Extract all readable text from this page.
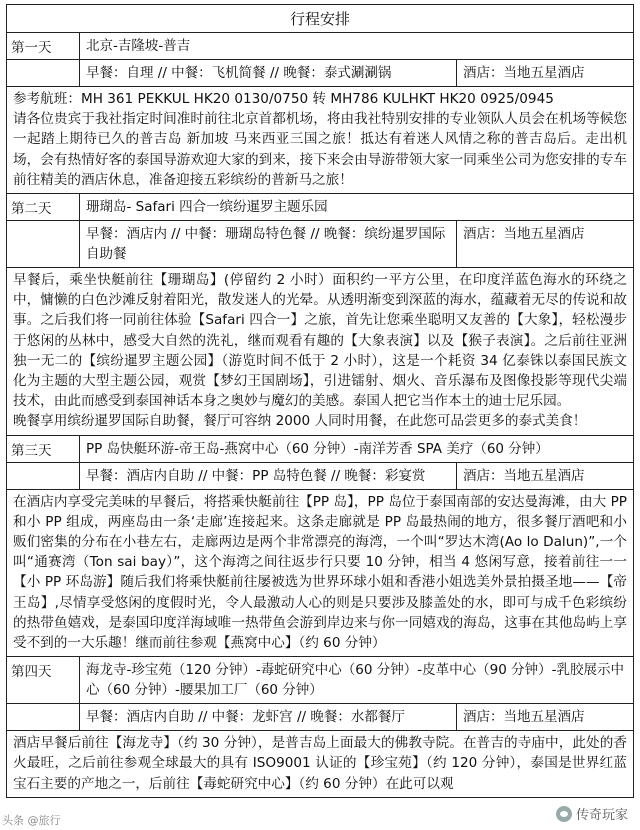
行程安排
第一天	北京-吉隆坡-普吉
早餐：自理 // 中餐：飞机简餐 // 晚餐：泰式涮涮锅	酒店：当地五星酒店

参考航班：MH 361 PEKKUL HK20 0130/0750 转 MH786 KULHKT HK20 0925/0945

请各位贵宾于我社指定时间准时前往北京首都机场，将由我社特别安排的专业领队人员会在机场等候您一起踏上期待已久的普吉岛 新加坡 马来西亚三国之旅！抵达有着迷人风情之称的普吉岛后。走出机场，会有热情好客的泰国导游欢迎大家的到来，接下来会由导游带领大家一同乘坐公司为您安排的专车前往精美的酒店休息，准备迎接五彩缤纷的普新马之旅！

第二天	珊瑚岛- Safari 四合一缤纷暹罗主题乐园
早餐：酒店内 // 中餐：珊瑚岛特色餐 // 晚餐：缤纷暹罗国际自助餐
酒店：当地五星酒店

早餐后，乘坐快艇前往【珊瑚岛】(停留约 2 小时）面积约一平方公里，在印度洋蓝色海水的环绕之中，慵懒的白色沙滩反射着阳光，散发迷人的光晕。从透明渐变到深蓝的海水，蕴藏着无尽的传说和故事。之后我们将一同前往体验【Safari 四合一】之旅，首先让您乘坐聪明又友善的【大象】，轻松漫步于悠闲的丛林中，感受大自然的洗礼，继而观看有趣的【大象表演】以及【猴子表演】。之后前往亚洲独一无二的【缤纷暹罗主题公园】（游览时间不低于 2 小时），这是一个耗资 34 亿泰铢以泰国民族文化为主题的大型主题公园，观赏【梦幻王国剧场】，引进镭射、烟火、音乐瀑布及图像投影等现代尖端技术，由此而感受到泰国神话本身之奥妙与魔幻的美感。泰国人把它当作本土的迪士尼乐园。

晚餐享用缤纷暹罗国际自助餐，餐厅可容纳 2000 人同时用餐，在此您可品尝更多的泰式美食！

第三天	PP 岛快艇环游-帝王岛-燕窝中心（60 分钟）-南洋芳香 SPA 美疗（60 分钟）
早餐：酒店内自助 // 中餐：PP 岛特色餐 // 晚餐：彩宴赏	酒店：当地五星酒店

在酒店内享受完美味的早餐后，将搭乘快艇前往【PP 岛】，PP 岛位于泰国南部的安达曼海滩，由大 PP 和小 PP 组成，两座岛由一条‘走廊’连接起来。这条走廊就是 PP 岛最热闹的地方，很多餐厅酒吧和小贩们密集的分布在小巷左右，走廊两边是两个非常漂亮的海湾，一个叫“罗达木湾(Ao lo Dalun)”,一个叫“通赛湾（Ton sai bay）”，这个海湾之间往返步行只要 10 分钟，相当 4 悠闲写意，接着前往一一【小 PP 环岛游】随后我们将乘快艇前往屡被选为世界环球小姐和香港小姐选美外景拍摄圣地——【帝王岛】,尽情享受悠闲的度假时光，令人最激动人心的则是只要涉及膝盖处的水，即可与成千色彩缤纷的热带鱼嬉戏，是泰国印度洋海域唯一热带鱼会游到岸边来与你一同嬉戏的海岛，这事在其他岛屿上享受不到的一大乐趣！继而前往参观【燕窝中心】（约 60 分钟）

第四天	海龙寺-珍宝苑（120 分钟）-毒蛇研究中心（60 分钟）-皮革中心（90 分钟）-乳胶展示中心（60 分钟）-腰果加工厂（60 分钟）
早餐：酒店内自助 // 中餐：龙虾宫 // 晚餐：水都餐厅	酒店：当地五星酒店

酒店早餐后前往【海龙寺】（约 30 分钟），是普吉岛上面最大的佛教寺院。在普吉的寺庙中，此处的香火最旺，之后前往参观全球最大的具有 ISO9001 认证的【珍宝苑】（约 120 分钟），泰国是世界红蓝宝石主要的产地之一，后前往【毒蛇研究中心】（约 60 分钟）在此可以观

传奇玩家
头条 @旅行
